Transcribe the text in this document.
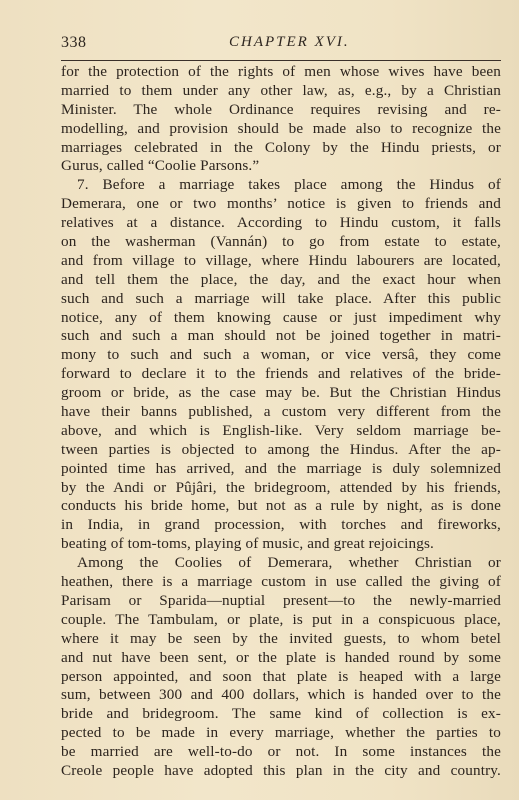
338	CHAPTER XVI.
for the protection of the rights of men whose wives have been
married to them under any other law, as, e.g., by a Christian
Minister. The whole Ordinance requires revising and re-
modelling, and provision should be made also to recognize the
marriages celebrated in the Colony by the Hindu priests, or
Gurus, called “Coolie Parsons.”
7. Before a marriage takes place among the Hindus of
Demerara, one or two months’ notice is given to friends and
relatives at a distance. According to Hindu custom, it falls
on the washerman (Vannán) to go from estate to estate,
and from village to village, where Hindu labourers are located,
and tell them the place, the day, and the exact hour when
such and such a marriage will take place. After this public
notice, any of them knowing cause or just impediment why
such and such a man should not be joined together in matri-
mony to such and such a woman, or vice versâ, they come
forward to declare it to the friends and relatives of the bride-
groom or bride, as the case may be. But the Christian Hindus
have their banns published, a custom very different from the
above, and which is English-like. Very seldom marriage be-
tween parties is objected to among the Hindus. After the ap-
pointed time has arrived, and the marriage is duly solemnized
by the Andi or Pûjâri, the bridegroom, attended by his friends,
conducts his bride home, but not as a rule by night, as is done
in India, in grand procession, with torches and fireworks,
beating of tom-toms, playing of music, and great rejoicings.
Among the Coolies of Demerara, whether Christian or
heathen, there is a marriage custom in use called the giving of
Parisam or Sparida—nuptial present—to the newly-married
couple. The Tambulam, or plate, is put in a conspicuous place,
where it may be seen by the invited guests, to whom betel
and nut have been sent, or the plate is handed round by some
person appointed, and soon that plate is heaped with a large
sum, between 300 and 400 dollars, which is handed over to the
bride and bridegroom. The same kind of collection is ex-
pected to be made in every marriage, whether the parties to
be married are well-to-do or not. In some instances the
Creole people have adopted this plan in the city and country.
